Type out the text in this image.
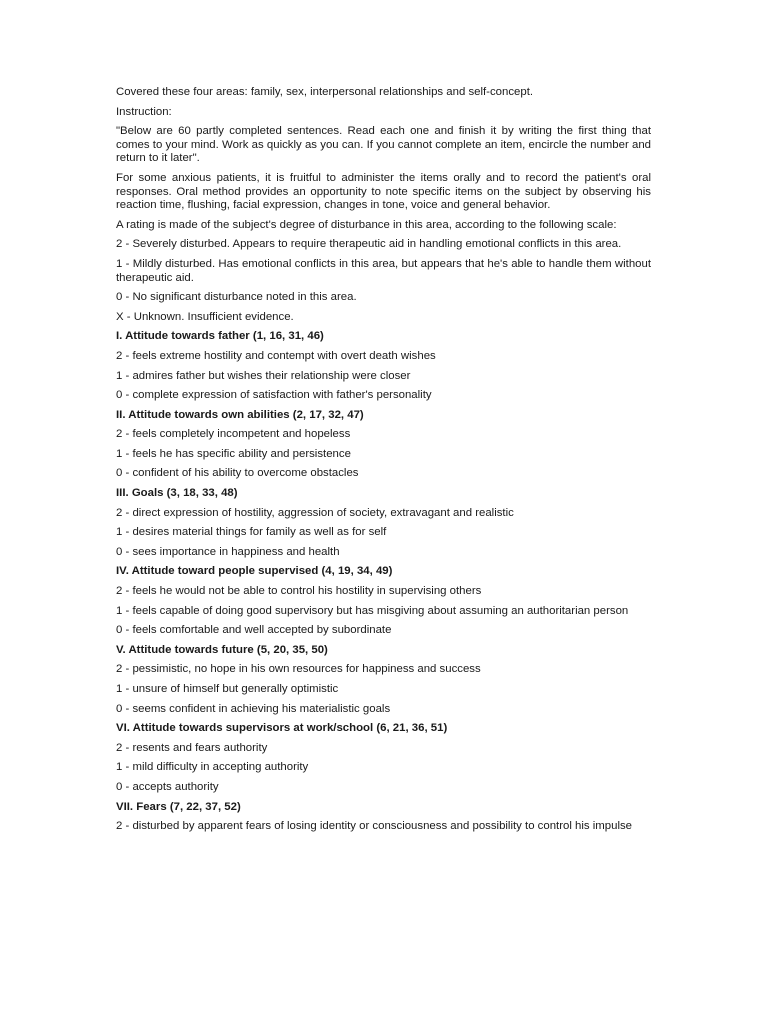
Covered these four areas: family, sex, interpersonal relationships and self-concept.

Instruction:

"Below are 60 partly completed sentences. Read each one and finish it by writing the first thing that comes to your mind. Work as quickly as you can. If you cannot complete an item, encircle the number and return to it later".

For some anxious patients, it is fruitful to administer the items orally and to record the patient's oral responses. Oral method provides an opportunity to note specific items on the subject by observing his reaction time, flushing, facial expression, changes in tone, voice and general behavior.

A rating is made of the subject's degree of disturbance in this area, according to the following scale:

2 - Severely disturbed. Appears to require therapeutic aid in handling emotional conflicts in this area.

1 - Mildly disturbed. Has emotional conflicts in this area, but appears that he's able to handle them without therapeutic aid.

0 - No significant disturbance noted in this area.

X - Unknown. Insufficient evidence.

I. Attitude towards father (1, 16, 31, 46)

2 - feels extreme hostility and contempt with overt death wishes

1 - admires father but wishes their relationship were closer

0 - complete expression of satisfaction with father's personality

II. Attitude towards own abilities (2, 17, 32, 47)

2 - feels completely incompetent and hopeless

1 - feels he has specific ability and persistence

0 - confident of his ability to overcome obstacles

III. Goals (3, 18, 33, 48)

2 - direct expression of hostility, aggression of society, extravagant and realistic

1 - desires material things for family as well as for self

0 - sees importance in happiness and health

IV. Attitude toward people supervised (4, 19, 34, 49)

2 - feels he would not be able to control his hostility in supervising others

1 - feels capable of doing good supervisory but has misgiving about assuming an authoritarian person

0 - feels comfortable and well accepted by subordinate

V. Attitude towards future (5, 20, 35, 50)

2 - pessimistic, no hope in his own resources for happiness and success

1 - unsure of himself but generally optimistic

0 - seems confident in achieving his materialistic goals

VI. Attitude towards supervisors at work/school (6, 21, 36, 51)

2 - resents and fears authority

1 - mild difficulty in accepting authority

0 - accepts authority

VII. Fears (7, 22, 37, 52)

2 - disturbed by apparent fears of losing identity or consciousness and possibility to control his impulse
